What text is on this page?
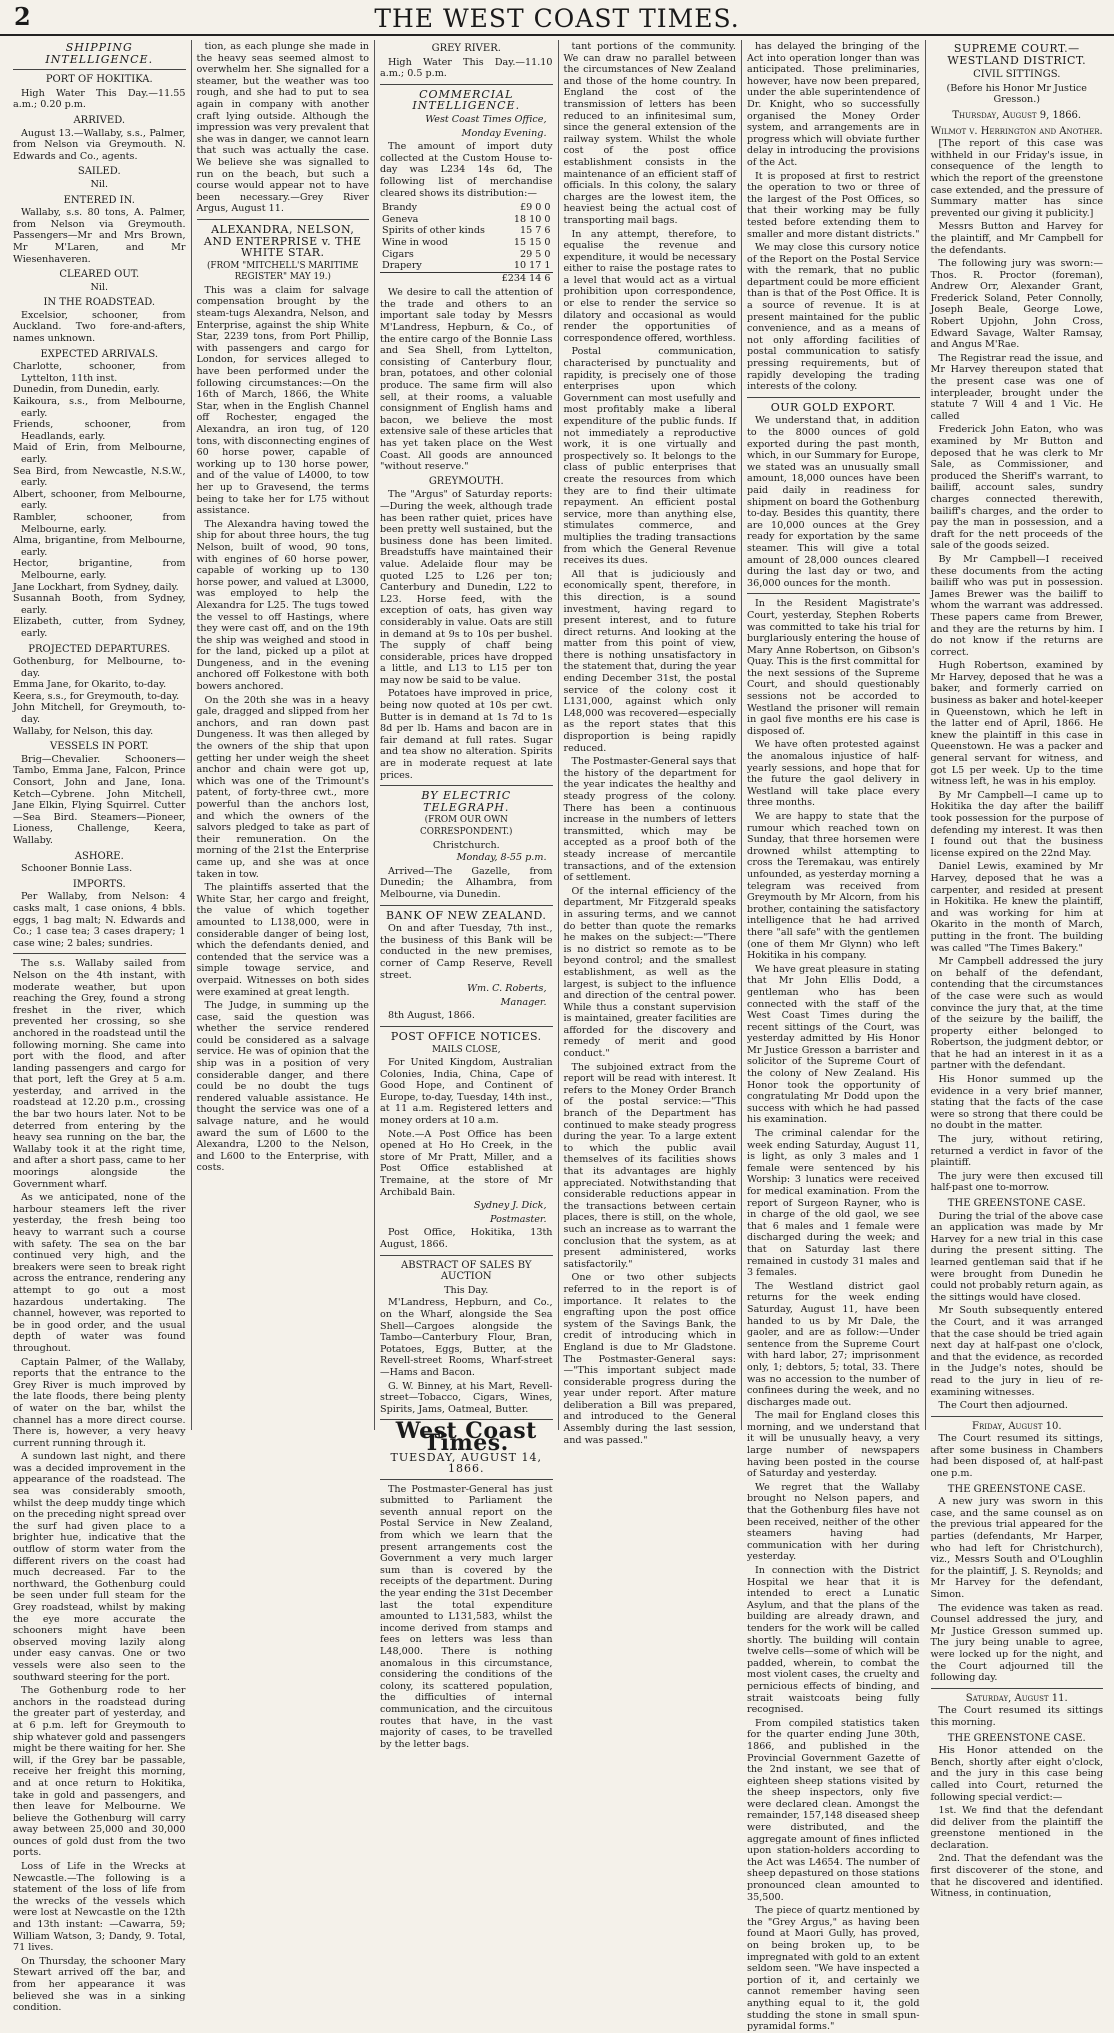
2	THE WEST COAST TIMES.
SHIPPING INTELLIGENCE.
PORT OF HOKITIKA.

High Water This Day.—11.55 a.m.; 0.20 p.m.

ARRIVED.

August 13.—Wallaby, s.s., Palmer, from Nelson via Greymouth. N. Edwards and Co., agents.

SAILED.
Nil.
ENTERED IN.

Wallaby, s.s. 80 tons, A. Palmer, from Nelson via Greymouth. Passengers—Mr and Mrs Brown, Mr M'Laren, and Mr Wiesenhaveren.

CLEARED OUT.
Nil.
IN THE ROADSTEAD.

Excelsior, schooner, from Auckland. Two fore-and-afters, names unknown.

EXPECTED ARRIVALS.
Charlotte, schooner, from Lyttelton, 11th inst.
Dunedin, from Dunedin, early.
Kaikoura, s.s., from Melbourne, early.
Friends, schooner, from Headlands, early.
Maid of Erin, from Melbourne, early.
Sea Bird, from Newcastle, N.S.W., early.
Albert, schooner, from Melbourne, early.
Rambler, schooner, from Melbourne, early.
Alma, brigantine, from Melbourne, early.
Hector, brigantine, from Melbourne, early.
Jane Lockhart, from Sydney, daily.
Susannah Booth, from Sydney, early.
Elizabeth, cutter, from Sydney, early.
PROJECTED DEPARTURES.
Gothenburg, for Melbourne, to-day.
Emma Jane, for Okarito, to-day.
Keera, s.s., for Greymouth, to-day.
John Mitchell, for Greymouth, to-day.
Wallaby, for Nelson, this day.
VESSELS IN PORT.

Brig—Chevalier. Schooners—Tambo, Emma Jane, Falcon, Prince Consort, John and Jane, Iona. Ketch—Cybrene. John Mitchell, Jane Elkin, Flying Squirrel. Cutter—Sea Bird. Steamers—Pioneer, Lioness, Challenge, Keera, Wallaby.

ASHORE.

Schooner Bonnie Lass.

IMPORTS.

Per Wallaby, from Nelson: 4 casks malt, 1 case onions, 4 bbls. eggs, 1 bag malt; N. Edwards and Co.; 1 case tea; 3 cases drapery; 1 case wine; 2 bales; sundries.

The s.s. Wallaby sailed from Nelson on the 4th instant, with moderate weather, but upon reaching the Grey, found a strong freshet in the river, which prevented her crossing, so she anchored in the roadstead until the following morning. She came into port with the flood, and after landing passengers and cargo for that port, left the Grey at 5 a.m. yesterday, and arrived in the roadstead at 12.20 p.m., crossing the bar two hours later. Not to be deterred from entering by the heavy sea running on the bar, the Wallaby took it at the right time, and after a short pass, came to her moorings alongside the Government wharf.

As we anticipated, none of the harbour steamers left the river yesterday, the fresh being too heavy to warrant such a course with safety. The sea on the bar continued very high, and the breakers were seen to break right across the entrance, rendering any attempt to go out a most hazardous undertaking. The channel, however, was reported to be in good order, and the usual depth of water was found throughout.

Captain Palmer, of the Wallaby, reports that the entrance to the Grey River is much improved by the late floods, there being plenty of water on the bar, whilst the channel has a more direct course. There is, however, a very heavy current running through it.

A sundown last night, and there was a decided improvement in the appearance of the roadstead. The sea was considerably smooth, whilst the deep muddy tinge which on the preceding night spread over the surf had given place to a brighter hue, indicative that the outflow of storm water from the different rivers on the coast had much decreased. Far to the northward, the Gothenburg could be seen under full steam for the Grey roadstead, whilst by making the eye more accurate the schooners might have been observed moving lazily along under easy canvas. One or two vessels were also seen to the southward steering for the port.

The Gothenburg rode to her anchors in the roadstead during the greater part of yesterday, and at 6 p.m. left for Greymouth to ship whatever gold and passengers might be there waiting for her. She will, if the Grey bar be passable, receive her freight this morning, and at once return to Hokitika, take in gold and passengers, and then leave for Melbourne. We believe the Gothenburg will carry away between 25,000 and 30,000 ounces of gold dust from the two ports.

Loss of Life in the Wrecks at Newcastle.—The following is a statement of the loss of life from the wrecks of the vessels which were lost at Newcastle on the 12th and 13th instant: —Cawarra, 59; William Watson, 3; Dandy, 9. Total, 71 lives.

On Thursday, the schooner Mary Stewart arrived off the bar, and from her appearance it was believed she was in a sinking condition.

tion, as each plunge she made in the heavy seas seemed almost to overwhelm her. She signalled for a steamer, but the weather was too rough, and she had to put to sea again in company with another craft lying outside. Although the impression was very prevalent that she was in danger, we cannot learn that such was actually the case. We believe she was signalled to run on the beach, but such a course would appear not to have been necessary.—Grey River Argus, August 11.

ALEXANDRA, NELSON, AND ENTERPRISE v. THE WHITE STAR.
(FROM "MITCHELL'S MARITIME REGISTER" MAY 19.)

This was a claim for salvage compensation brought by the steam-tugs Alexandra, Nelson, and Enterprise, against the ship White Star, 2239 tons, from Port Phillip, with passengers and cargo for London, for services alleged to have been performed under the following circumstances:—On the 16th of March, 1866, the White Star, when in the English Channel off Rochester, engaged the Alexandra, an iron tug, of 120 tons, with disconnecting engines of 60 horse power, capable of working up to 130 horse power, and of the value of L4000, to tow her up to Gravesend, the terms being to take her for L75 without assistance.

The Alexandra having towed the ship for about three hours, the tug Nelson, built of wood, 90 tons, with engines of 60 horse power, capable of working up to 130 horse power, and valued at L3000, was employed to help the Alexandra for L25. The tugs towed the vessel to off Hastings, where they were cast off, and on the 19th the ship was weighed and stood in for the land, picked up a pilot at Dungeness, and in the evening anchored off Folkestone with both bowers anchored.

On the 20th she was in a heavy gale, dragged and slipped from her anchors, and ran down past Dungeness. It was then alleged by the owners of the ship that upon getting her under weigh the sheet anchor and chain were got up, which was one of the Trimount's patent, of forty-three cwt., more powerful than the anchors lost, and which the owners of the salvors pledged to take as part of their remuneration. On the morning of the 21st the Enterprise came up, and she was at once taken in tow.

The plaintiffs asserted that the White Star, her cargo and freight, the value of which together amounted to L138,000, were in considerable danger of being lost, which the defendants denied, and contended that the service was a simple towage service, and overpaid. Witnesses on both sides were examined at great length.

The Judge, in summing up the case, said the question was whether the service rendered could be considered as a salvage service. He was of opinion that the ship was in a position of very considerable danger, and there could be no doubt the tugs rendered valuable assistance. He thought the service was one of a salvage nature, and he would award the sum of L600 to the Alexandra, L200 to the Nelson, and L600 to the Enterprise, with costs.

GREY RIVER.

High Water This Day.—11.10 a.m.; 0.5 p.m.

COMMERCIAL INTELLIGENCE.
West Coast Times Office,
Monday Evening.

The amount of import duty collected at the Custom House to-day was L234 14s 6d, The following list of merchandise cleared shows its distribution:—

Brandy	£9 0 0
Geneva	18 10 0
Spirits of other kinds	15 7 6
Wine in wood	15 15 0
Cigars	29 5 0
Drapery	10 17 1
	£234 14 6

We desire to call the attention of the trade and others to an important sale today by Messrs M'Landress, Hepburn, & Co., of the entire cargo of the Bonnie Lass and Sea Shell, from Lyttelton, consisting of Canterbury flour, bran, potatoes, and other colonial produce. The same firm will also sell, at their rooms, a valuable consignment of English hams and bacon, we believe the most extensive sale of these articles that has yet taken place on the West Coast. All goods are announced "without reserve."

GREYMOUTH.

The "Argus" of Saturday reports:—During the week, although trade has been rather quiet, prices have been pretty well sustained, but the business done has been limited. Breadstuffs have maintained their value. Adelaide flour may be quoted L25 to L26 per ton; Canterbury and Dunedin, L22 to L23. Horse feed, with the exception of oats, has given way considerably in value. Oats are still in demand at 9s to 10s per bushel. The supply of chaff being considerable, prices have dropped a little, and L13 to L15 per ton may now be said to be value.

Potatoes have improved in price, being now quoted at 10s per cwt. Butter is in demand at 1s 7d to 1s 8d per lb. Hams and bacon are in fair demand at full rates. Sugar and tea show no alteration. Spirits are in moderate request at late prices.

BY ELECTRIC TELEGRAPH.
(FROM OUR OWN CORRESPONDENT.)
Christchurch.
Monday, 8-55 p.m.

Arrived—The Gazelle, from Dunedin; the Alhambra, from Melbourne, via Dunedin.

BANK OF NEW ZEALAND.

On and after Tuesday, 7th inst., the business of this Bank will be conducted in the new premises, corner of Camp Reserve, Revell street.

Wm. C. Roberts,
Manager.

8th August, 1866.

POST OFFICE NOTICES.
MAILS CLOSE,

For United Kingdom, Australian Colonies, India, China, Cape of Good Hope, and Continent of Europe, to-day, Tuesday, 14th inst., at 11 a.m. Registered letters and money orders at 10 a.m.

Note.—A Post Office has been opened at Ho Ho Creek, in the store of Mr Pratt, Miller, and a Post Office established at Tremaine, at the store of Mr Archibald Bain.

Sydney J. Dick,
Postmaster.

Post Office, Hokitika, 13th August, 1866.

ABSTRACT OF SALES BY AUCTION
This Day.

M'Landress, Hepburn, and Co., on the Wharf, alongside the Sea Shell—Cargoes alongside the Tambo—Canterbury Flour, Bran, Potatoes, Eggs, Butter, at the Revell-street Rooms, Wharf-street—Hams and Bacon.

G. W. Binney, at his Mart, Revell-street—Tobacco, Cigars, Wines, Spirits, Jams, Oatmeal, Butter.

West Coast Times.
TUESDAY, AUGUST 14, 1866.

The Postmaster-General has just submitted to Parliament the seventh annual report on the Postal Service in New Zealand, from which we learn that the present arrangements cost the Government a very much larger sum than is covered by the receipts of the department. During the year ending the 31st December last the total expenditure amounted to L131,583, whilst the income derived from stamps and fees on letters was less than L48,000. There is nothing anomalous in this circumstance, considering the conditions of the colony, its scattered population, the difficulties of internal communication, and the circuitous routes that have, in the vast majority of cases, to be travelled by the letter bags.

tant portions of the community. We can draw no parallel between the circumstances of New Zealand and those of the home country. In England the cost of the transmission of letters has been reduced to an infinitesimal sum, since the general extension of the railway system. Whilst the whole cost of the post office establishment consists in the maintenance of an efficient staff of officials. In this colony, the salary charges are the lowest item, the heaviest being the actual cost of transporting mail bags.

In any attempt, therefore, to equalise the revenue and expenditure, it would be necessary either to raise the postage rates to a level that would act as a virtual prohibition upon correspondence, or else to render the service so dilatory and occasional as would render the opportunities of correspondence offered, worthless.

Postal communication, characterised by punctuality and rapidity, is precisely one of those enterprises upon which Government can most usefully and most profitably make a liberal expenditure of the public funds. If not immediately a reproductive work, it is one virtually and prospectively so. It belongs to the class of public enterprises that create the resources from which they are to find their ultimate repayment. An efficient postal service, more than anything else, stimulates commerce, and multiplies the trading transactions from which the General Revenue receives its dues.

All that is judiciously and economically spent, therefore, in this direction, is a sound investment, having regard to present interest, and to future direct returns. And looking at the matter from this point of view, there is nothing unsatisfactory in the statement that, during the year ending December 31st, the postal service of the colony cost it L131,000, against which only L48,000 was recovered—especially as the report states that this disproportion is being rapidly reduced.

The Postmaster-General says that the history of the department for the year indicates the healthy and steady progress of the colony. There has been a continuous increase in the numbers of letters transmitted, which may be accepted as a proof both of the steady increase of mercantile transactions, and of the extension of settlement.

Of the internal efficiency of the department, Mr Fitzgerald speaks in assuring terms, and we cannot do better than quote the remarks he makes on the subject:—"There is no district so remote as to be beyond control; and the smallest establishment, as well as the largest, is subject to the influence and direction of the central power. While thus a constant supervision is maintained, greater facilities are afforded for the discovery and remedy of merit and good conduct."

The subjoined extract from the report will be read with interest. It refers to the Money Order Branch of the postal service:—"This branch of the Department has continued to make steady progress during the year. To a large extent to which the public avail themselves of its facilities shows that its advantages are highly appreciated. Notwithstanding that considerable reductions appear in the transactions between certain places, there is still, on the whole, such an increase as to warrant the conclusion that the system, as at present administered, works satisfactorily."

One or two other subjects referred to in the report is of importance. It relates to the engrafting upon the post office system of the Savings Bank, the credit of introducing which in England is due to Mr Gladstone. The Postmaster-General says:—"This important subject made considerable progress during the year under report. After mature deliberation a Bill was prepared, and introduced to the General Assembly during the last session, and was passed."

has delayed the bringing of the Act into operation longer than was anticipated. Those preliminaries, however, have now been prepared, under the able superintendence of Dr. Knight, who so successfully organised the Money Order system, and arrangements are in progress which will obviate further delay in introducing the provisions of the Act.

It is proposed at first to restrict the operation to two or three of the largest of the Post Offices, so that their working may be fully tested before extending them to smaller and more distant districts."

We may close this cursory notice of the Report on the Postal Service with the remark, that no public department could be more efficient than is that of the Post Office. It is a source of revenue. It is at present maintained for the public convenience, and as a means of not only affording facilities of postal communication to satisfy pressing requirements, but of rapidly developing the trading interests of the colony.

OUR GOLD EXPORT.

We understand that, in addition to the 8000 ounces of gold exported during the past month, which, in our Summary for Europe, we stated was an unusually small amount, 18,000 ounces have been paid daily in readiness for shipment on board the Gothenburg to-day. Besides this quantity, there are 10,000 ounces at the Grey ready for exportation by the same steamer. This will give a total amount of 28,000 ounces cleared during the last day or two, and 36,000 ounces for the month.

In the Resident Magistrate's Court, yesterday, Stephen Roberts was committed to take his trial for burglariously entering the house of Mary Anne Robertson, on Gibson's Quay. This is the first committal for the next sessions of the Supreme Court, and should questionably sessions not be accorded to Westland the prisoner will remain in gaol five months ere his case is disposed of.

We have often protested against the anomalous injustice of half-yearly sessions, and hope that for the future the gaol delivery in Westland will take place every three months.

We are happy to state that the rumour which reached town on Sunday, that three horsemen were drowned whilst attempting to cross the Teremakau, was entirely unfounded, as yesterday morning a telegram was received from Greymouth by Mr Alcorn, from his brother, containing the satisfactory intelligence that he had arrived there "all safe" with the gentlemen (one of them Mr Glynn) who left Hokitika in his company.

We have great pleasure in stating that Mr John Ellis Dodd, a gentleman who has been connected with the staff of the West Coast Times during the recent sittings of the Court, was yesterday admitted by His Honor Mr Justice Gresson a barrister and solicitor of the Supreme Court of the colony of New Zealand. His Honor took the opportunity of congratulating Mr Dodd upon the success with which he had passed his examination.

The criminal calendar for the week ending Saturday, August 11, is light, as only 3 males and 1 female were sentenced by his Worship: 3 lunatics were received for medical examination. From the report of Surgeon Rayner, who is in charge of the old gaol, we see that 6 males and 1 female were discharged during the week; and that on Saturday last there remained in custody 31 males and 3 females.

The Westland district gaol returns for the week ending Saturday, August 11, have been handed to us by Mr Dale, the gaoler, and are as follow:—Under sentence from the Supreme Court with hard labor, 27; imprisonment only, 1; debtors, 5; total, 33. There was no accession to the number of confinees during the week, and no discharges made out.

The mail for England closes this morning, and we understand that it will be unusually heavy, a very large number of newspapers having been posted in the course of Saturday and yesterday.

We regret that the Wallaby brought no Nelson papers, and that the Gothenburg files have not been received, neither of the other steamers having had communication with her during yesterday.

In connection with the District Hospital we hear that it is intended to erect a Lunatic Asylum, and that the plans of the building are already drawn, and tenders for the work will be called shortly. The building will contain twelve cells—some of which will be padded, wherein, to combat the most violent cases, the cruelty and pernicious effects of binding, and strait waistcoats being fully recognised.

From compiled statistics taken for the quarter ending June 30th, 1866, and published in the Provincial Government Gazette of the 2nd instant, we see that of eighteen sheep stations visited by the sheep inspectors, only five were declared clean. Amongst the remainder, 157,148 diseased sheep were distributed, and the aggregate amount of fines inflicted upon station-holders according to the Act was L4654. The number of sheep depastured on those stations pronounced clean amounted to 35,500.

The piece of quartz mentioned by the "Grey Argus," as having been found at Maori Gully, has proved, on being broken up, to be impregnated with gold to an extent seldom seen. "We have inspected a portion of it, and certainly we cannot remember having seen anything equal to it, the gold studding the stone in small spun-pyramidal forms."

SUPREME COURT.—WESTLAND DISTRICT.
CIVIL SITTINGS.
(Before his Honor Mr Justice Gresson.)
Thursday, August 9, 1866.
Wilmot v. Herrington and Another.

[The report of this case was withheld in our Friday's issue, in consequence of the length to which the report of the greenstone case extended, and the pressure of Summary matter has since prevented our giving it publicity.]

Messrs Button and Harvey for the plaintiff, and Mr Campbell for the defendants.

The following jury was sworn:—Thos. R. Proctor (foreman), Andrew Orr, Alexander Grant, Frederick Soland, Peter Connolly, Joseph Beale, George Lowe, Robert Upjohn, John Cross, Edward Savage, Walter Ramsay, and Angus M'Rae.

The Registrar read the issue, and Mr Harvey thereupon stated that the present case was one of interpleader, brought under the statute 7 Will 4 and 1 Vic. He called

Frederick John Eaton, who was examined by Mr Button and deposed that he was clerk to Mr Sale, as Commissioner, and produced the Sheriff's warrant, to bailiff, account sales, sundry charges connected therewith, bailiff's charges, and the order to pay the man in possession, and a draft for the nett proceeds of the sale of the goods seized.

By Mr Campbell—I received these documents from the acting bailiff who was put in possession. James Brewer was the bailiff to whom the warrant was addressed. These papers came from Brewer, and they are the returns by him. I do not know if the returns are correct.

Hugh Robertson, examined by Mr Harvey, deposed that he was a baker, and formerly carried on business as baker and hotel-keeper in Queenstown, which he left in the latter end of April, 1866. He knew the plaintiff in this case in Queenstown. He was a packer and general servant for witness, and got L5 per week. Up to the time witness left, he was in his employ.

By Mr Campbell—I came up to Hokitika the day after the bailiff took possession for the purpose of defending my interest. It was then I found out that the business license expired on the 22nd May.

Daniel Lewis, examined by Mr Harvey, deposed that he was a carpenter, and resided at present in Hokitika. He knew the plaintiff, and was working for him at Okarito in the month of March, putting in the front. The building was called "The Times Bakery."

Mr Campbell addressed the jury on behalf of the defendant, contending that the circumstances of the case were such as would convince the jury that, at the time of the seizure by the bailiff, the property either belonged to Robertson, the judgment debtor, or that he had an interest in it as a partner with the defendant.

His Honor summed up the evidence in a very brief manner, stating that the facts of the case were so strong that there could be no doubt in the matter.

The jury, without retiring, returned a verdict in favor of the plaintiff.

The jury were then excused till half-past one to-morrow.

THE GREENSTONE CASE.

During the trial of the above case an application was made by Mr Harvey for a new trial in this case during the present sitting. The learned gentleman said that if he were brought from Dunedin he could not probably return again, as the sittings would have closed.

Mr South subsequently entered the Court, and it was arranged that the case should be tried again next day at half-past one o'clock, and that the evidence, as recorded in the Judge's notes, should be read to the jury in lieu of re-examining witnesses.

The Court then adjourned.

Friday, August 10.

The Court resumed its sittings, after some business in Chambers had been disposed of, at half-past one p.m.

THE GREENSTONE CASE.

A new jury was sworn in this case, and the same counsel as on the previous trial appeared for the parties (defendants, Mr Harper, who had left for Christchurch), viz., Messrs South and O'Loughlin for the plaintiff, J. S. Reynolds; and Mr Harvey for the defendant, Simon.

The evidence was taken as read. Counsel addressed the jury, and Mr Justice Gresson summed up. The jury being unable to agree, were locked up for the night, and the Court adjourned till the following day.

Saturday, August 11.

The Court resumed its sittings this morning.

THE GREENSTONE CASE.

His Honor attended on the Bench, shortly after eight o'clock, and the jury in this case being called into Court, returned the following special verdict:—

1st. We find that the defendant did deliver from the plaintiff the greenstone mentioned in the declaration.

2nd. That the defendant was the first discoverer of the stone, and that he discovered and identified. Witness, in continuation,
